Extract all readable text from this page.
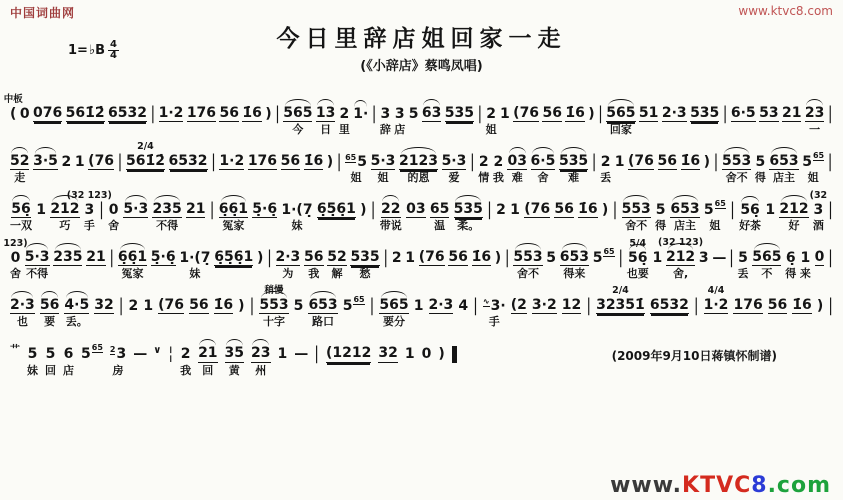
中国词曲网	www.ktvc8.com
今日里辞店姐回家一走
(《小辞店》蔡鸣凤唱)
1= ♭B $\frac{4}{4}$
中板
(
0
076
561̇2̇
6532
|
1·2
176
56
1̇6
)
|
565
今
13
日
2
里
1·
|
3
辞
3
店
5
63
535
|
2
姐
1
(76
56
1̇6
)
|
565
回家
51
2·3
535
|
6·5
53
21
23
一
|

52
走
3·5
2
1
(76
|

2/4
561̇2̇
6532
|
1·2
176
56
1̇6
)
|
65 5
姐
5·3
姐
2123
的恩
5·3
爱
|
2
情
2
我
03
难
6·5
舍
535
难
|
2
丢
1
(76
56
1̇6
)
|
553
舍不
5
得
653
店主
5 65
姐
|

56̣
一双
1
212
巧
(32 123)
3
手
|
0
舍
5·3
235
不得
21
|
6̣6̣1
冤家
5̣·6̣
1·(7̣
妹
6̣5̣6̣1
)
|
22
带说
03
65
温
535
柔。
|
2
1
(76
56
1̇6
)
|
553
舍不
5
得
653
店主
5 65
姐
|
56̣
好茶
1
212
好
(32
3
酒
|

123)
0
舍
5·3
不得
235
21
|
6̣6̣1
冤家
5̣·6̣
1·(7̣
妹
6̣5̣6̣1
)
|
2·3
为
56
我
52
解
535
愁
|
2
1
(76
56
1̇6
)
|
553
舍不
5
653
得来
5 65
|

5/4
56̣
也要
1

(32 123)
212
舍,
3
—
|
5
丢
565
不
6̣
得
1
来
0
|

2·3
也
56
要
4·5
丢。
32
|
2
1
(76
56
1̇6
)
|

稍慢
553
十字
5
653
路口
5 65
|
565
要分
1
2·3
4
|
∿ 3·
手
(2
3·2
12
|

2/4
32351̇
6532
|

4/4
1·2
176
56
1̇6
)
|

艹
5
妹
5
回
6
店
5 65
2 3
房
—
∨
¦
2
我
21
回
35
黄
23
州
1
—
|
(1212
32
1
0
)

	(2009年9月10日蒋镇怀制谱)
www.KTVC8.com
